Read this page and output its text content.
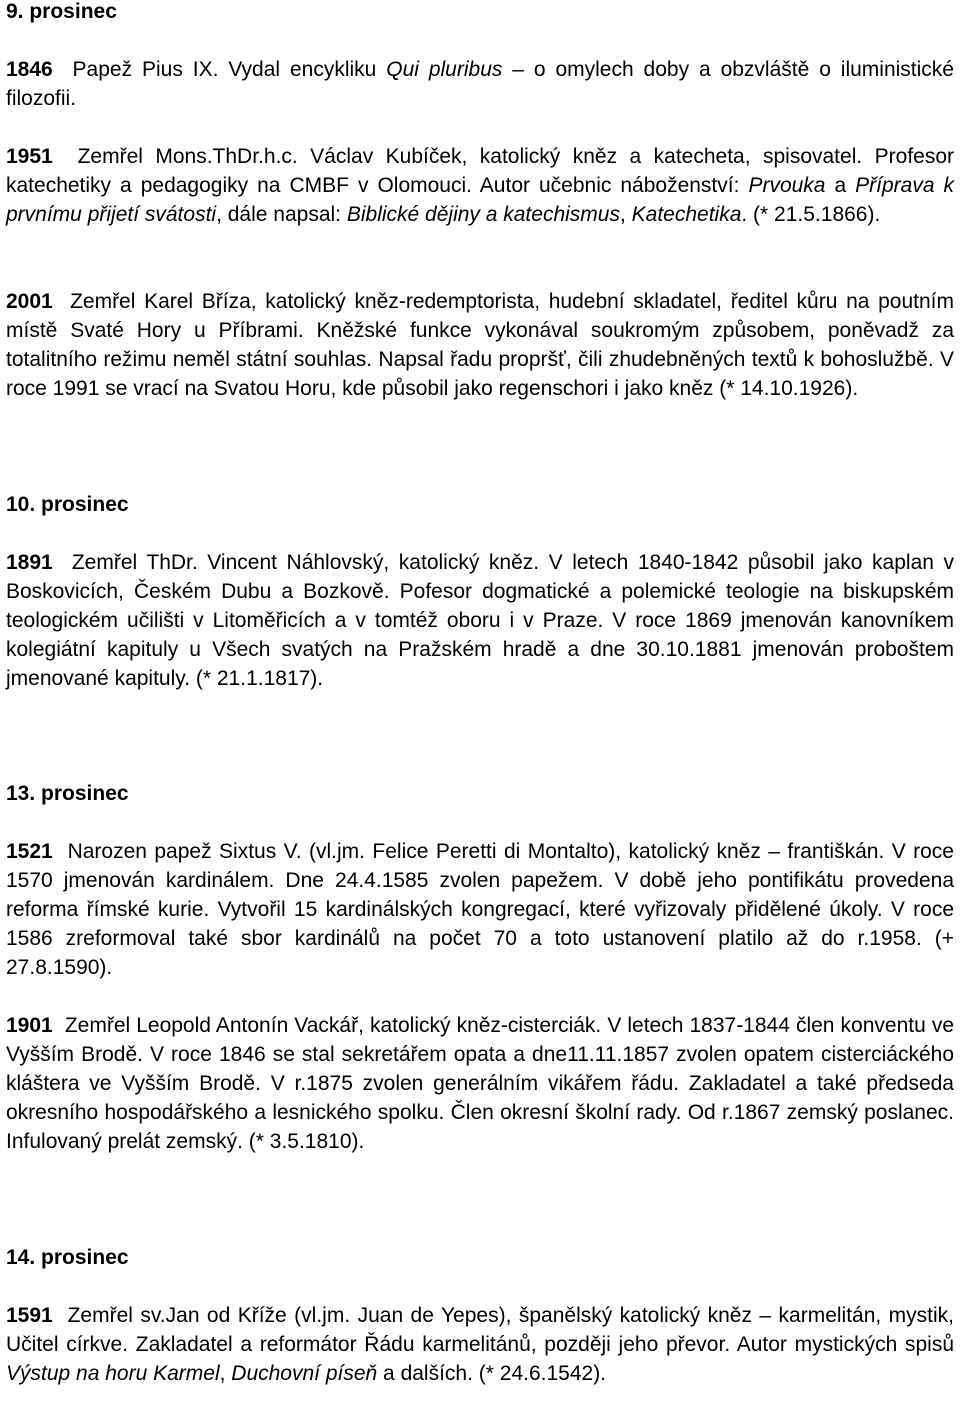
9. prosinec
1846 Papež Pius IX. Vydal encykliku Qui pluribus – o omylech doby a obzvláště o iluministické filozofii.
1951 Zemřel Mons.ThDr.h.c. Václav Kubíček, katolický kněz a katecheta, spisovatel. Profesor katechetiky a pedagogiky na CMBF v Olomouci. Autor učebnic náboženství: Prvouka a Příprava k prvnímu přijetí svátosti, dále napsal: Biblické dějiny a katechismus, Katechetika. (* 21.5.1866).
2001 Zemřel Karel Bříza, katolický kněz-redemptorista, hudební skladatel, ředitel kůru na poutním místě Svaté Hory u Příbrami. Kněžské funkce vykonával soukromým způsobem, poněvadž za totalitního režimu neměl státní souhlas. Napsal řadu propršť, čili zhudebněných textů k bohoslužbě. V roce 1991 se vrací na Svatou Horu, kde působil jako regenschori i jako kněz (* 14.10.1926).
10. prosinec
1891 Zemřel ThDr. Vincent Náhlovský, katolický kněz. V letech 1840-1842 působil jako kaplan v Boskovicích, Českém Dubu a Bozkově. Pofesor dogmatické a polemické teologie na biskupském teologickém učilišti v Litoměřicích a v tomtéž oboru i v Praze. V roce 1869 jmenován kanovníkem kolegiátní kapituly u Všech svatých na Pražském hradě a dne 30.10.1881 jmenován proboštem jmenované kapituly. (* 21.1.1817).
13. prosinec
1521 Narozen papež Sixtus V. (vl.jm. Felice Peretti di Montalto), katolický kněz – františkán. V roce 1570 jmenován kardinálem. Dne 24.4.1585 zvolen papežem. V době jeho pontifikátu provedena reforma římské kurie. Vytvořil 15 kardinálských kongregací, které vyřizovaly přidělené úkoly. V roce 1586 zreformoval také sbor kardinálů na počet 70 a toto ustanovení platilo až do r.1958. (+ 27.8.1590).
1901 Zemřel Leopold Antonín Vackář, katolický kněz-cisterciák. V letech 1837-1844 člen konventu ve Vyšším Brodě. V roce 1846 se stal sekretářem opata a dne11.11.1857 zvolen opatem cisterciáckého kláštera ve Vyšším Brodě. V r.1875 zvolen generálním vikářem řádu. Zakladatel a také předseda okresního hospodářského a lesnického spolku. Člen okresní školní rady. Od r.1867 zemský poslanec. Infulovaný prelát zemský. (* 3.5.1810).
14. prosinec
1591 Zemřel sv.Jan od Kříže (vl.jm. Juan de Yepes), španělský katolický kněz – karmelitán, mystik, Učitel církve. Zakladatel a reformátor Řádu karmelitánů, později jeho převor. Autor mystických spisů Výstup na horu Karmel, Duchovní píseň a dalších. (* 24.6.1542).
